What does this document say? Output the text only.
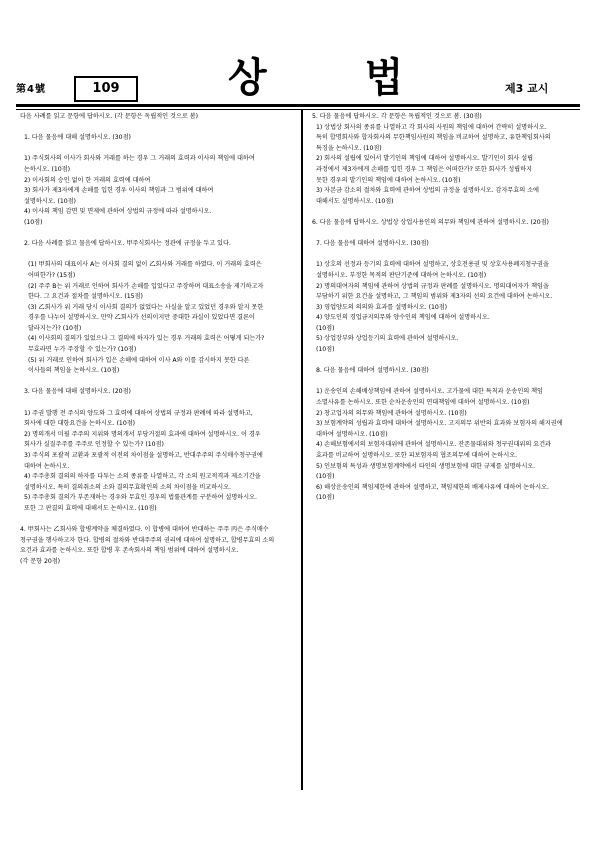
第4號	109	상 법	제3 교시

다음 사례를 읽고 문항에 답하시오. (각 문항은 독립적인 것으로 봄)

1. 다음 물음에 대해 설명하시오. (30점)

1) 주식회사의 이사가 회사와 거래를 하는 경우 그 거래의 효력과 이사의 책임에 대하여

논하시오. (10점)

2) 이사회의 승인 없이 한 거래의 효력에 대하여

3) 회사가 제3자에게 손해를 입힌 경우 이사의 책임과 그 범위에 대하여

설명하시오. (10점)

4) 이사의 책임 감면 및 면제에 관하여 상법의 규정에 따라 설명하시오.

(10점)

2. 다음 사례를 읽고 물음에 답하시오. 甲주식회사는 정관에 규정을 두고 있다.

(1) 甲회사의 대표이사 A는 이사회 결의 없이 乙회사와 거래를 하였다. 이 거래의 효력은

어떠한가? (15점)

(2) 주주 B는 위 거래로 인하여 회사가 손해를 입었다고 주장하며 대표소송을 제기하고자

한다. 그 요건과 절차를 설명하시오. (15점)

(3) 乙회사가 위 거래 당시 이사회 결의가 없었다는 사실을 알고 있었던 경우와 알지 못한

경우를 나누어 설명하시오. 만약 乙회사가 선의이지만 중대한 과실이 있었다면 결론이

달라지는가? (10점)

(4) 이사회의 결의가 있었으나 그 결의에 하자가 있는 경우 거래의 효력은 어떻게 되는가?

무효라면 누가 주장할 수 있는가? (10점)

(5) 위 거래로 인하여 회사가 입은 손해에 대하여 이사 A와 이를 감시하지 못한 다른

이사들의 책임을 논하시오. (10점)

3. 다음 물음에 대해 설명하시오. (20점)

1) 주권 발행 전 주식의 양도와 그 효력에 대하여 상법의 규정과 판례에 따라 설명하고,

회사에 대한 대항요건을 논하시오. (10점)

2) 명의개서 미필 주주의 지위와 명의개서 부당거절의 효과에 대하여 설명하시오. 이 경우

회사가 실질주주를 주주로 인정할 수 있는가? (10점)

3) 주식의 포괄적 교환과 포괄적 이전의 차이점을 설명하고, 반대주주의 주식매수청구권에

대하여 논하시오.

4) 주주총회 결의의 하자를 다투는 소의 종류를 나열하고, 각 소의 원고적격과 제소기간을

설명하시오. 특히 결의취소의 소와 결의무효확인의 소의 차이점을 비교하시오.

5) 주주총회 결의가 부존재하는 경우와 무효인 경우의 법률관계를 구분하여 설명하시오.

또한 그 판결의 효력에 대해서도 논하시오. (10점)

4. 甲회사는 乙회사와 합병계약을 체결하였다. 이 합병에 대하여 반대하는 주주 丙은 주식매수

청구권을 행사하고자 한다. 합병의 절차와 반대주주의 권리에 대하여 설명하고, 합병무효의 소의

요건과 효과를 논하시오. 또한 합병 후 존속회사의 책임 범위에 대하여 설명하시오.

(각 문항 20점)

5. 다음 물음에 답하시오. 각 문항은 독립적인 것으로 봄. (30점)

1) 상법상 회사의 종류를 나열하고 각 회사의 사원의 책임에 대하여 간략히 설명하시오.

특히 합명회사와 합자회사의 무한책임사원의 책임을 비교하여 설명하고, 유한책임회사의

특징을 논하시오. (10점)

2) 회사의 설립에 있어서 발기인의 책임에 대하여 설명하시오. 발기인이 회사 설립

과정에서 제3자에게 손해를 입힌 경우 그 책임은 어떠한가? 또한 회사가 성립하지

못한 경우의 발기인의 책임에 대하여 논하시오. (10점)

3) 자본금 감소의 절차와 효력에 관하여 상법의 규정을 설명하시오. 감자무효의 소에

대해서도 설명하시오. (10점)

6. 다음 물음에 답하시오. 상법상 상업사용인의 의무와 책임에 관하여 설명하시오. (20점)

7. 다음 물음에 대하여 설명하시오. (30점)

1) 상호의 선정과 등기의 효력에 대하여 설명하고, 상호전용권 및 상호사용폐지청구권을

설명하시오. 부정한 목적의 판단기준에 대하여 논하시오. (10점)

2) 명의대여자의 책임에 관하여 상법의 규정과 판례를 설명하시오. 명의대여자가 책임을

부담하기 위한 요건을 설명하고, 그 책임의 범위와 제3자의 선의 요건에 대하여 논하시오.

3) 영업양도의 의의와 효과를 설명하시오. (10점)

4) 양도인의 경업금지의무와 양수인의 책임에 대하여 설명하시오.

(10점)

5) 상업장부와 상업등기의 효력에 관하여 설명하시오.

(10점)

8. 다음 물음에 대하여 설명하시오. (30점)

1) 운송인의 손해배상책임에 관하여 설명하시오. 고가물에 대한 특칙과 운송인의 책임

소멸사유를 논하시오. 또한 순차운송인의 연대책임에 대하여 설명하시오. (10점)

2) 창고업자의 의무와 책임에 관하여 설명하시오. (10점)

3) 보험계약의 성립과 효력에 대하여 설명하시오. 고지의무 위반의 효과와 보험자의 해지권에

대하여 설명하시오. (10점)

4) 손해보험에서의 보험자대위에 관하여 설명하시오. 잔존물대위와 청구권대위의 요건과

효과를 비교하여 설명하시오. 또한 피보험자의 협조의무에 대하여 논하시오.

5) 인보험의 특성과 생명보험계약에서 타인의 생명보험에 대한 규제를 설명하시오.

(10점)

6) 해상운송인의 책임제한에 관하여 설명하고, 책임제한의 배제사유에 대하여 논하시오.

(10점)
